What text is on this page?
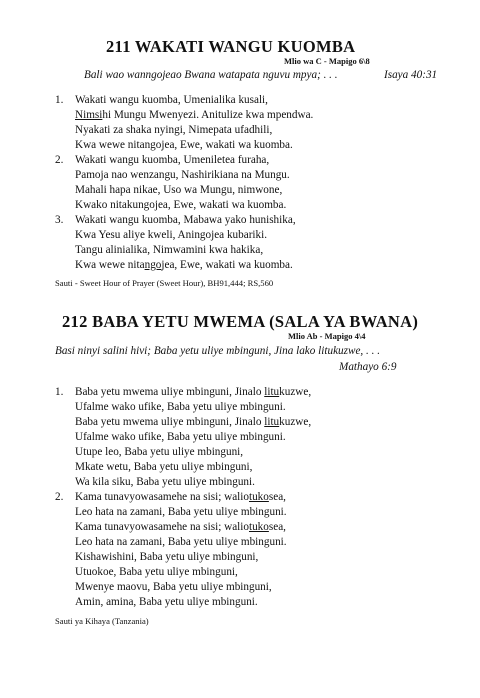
211 WAKATI WANGU KUOMBA
Mlio wa C - Mapigo 6\8
Bali wao wanngojeao Bwana watapata nguvu mpya; . . .	Isaya 40:31
1. Wakati wangu kuomba, Umenialika kusali,
Nimsihi Mungu Mwenyezi. Anitulize kwa mpendwa.
Nyakati za shaka nyingi, Nimepata ufadhili,
Kwa wewe nitangojea, Ewe, wakati wa kuomba.
2. Wakati wangu kuomba, Umeniletea furaha,
Pamoja nao wenzangu, Nashirikiana na Mungu.
Mahali hapa nikae, Uso wa Mungu, nimwone,
Kwako nitakungojea, Ewe, wakati wa kuomba.
3. Wakati wangu kuomba, Mabawa yako hunishika,
Kwa Yesu aliye kweli, Aningojea kubariki.
Tangu alinialika, Nimwamini kwa hakika,
Kwa wewe nitangojea, Ewe, wakati wa kuomba.
Sauti - Sweet Hour of Prayer (Sweet Hour), BH91,444; RS,560
212 BABA YETU MWEMA (SALA YA BWANA)
Mlio Ab - Mapigo 4\4
Basi ninyi salini hivi; Baba yetu uliye mbinguni, Jina lako litukuzwe, . . .
Mathayo 6:9
1. Baba yetu mwema uliye mbinguni, Jinalo litukuzwe,
Ufalme wako ufike, Baba yetu uliye mbinguni.
Baba yetu mwema uliye mbinguni, Jinalo litukuzwe,
Ufalme wako ufike, Baba yetu uliye mbinguni.
Utupe leo, Baba yetu uliye mbinguni,
Mkate wetu, Baba yetu uliye mbinguni,
Wa kila siku, Baba yetu uliye mbinguni.
2. Kama tunavyowasamehe na sisi; waliotukosea,
Leo hata na zamani, Baba yetu uliye mbinguni.
Kama tunavyowasamehe na sisi; waliotukosea,
Leo hata na zamani, Baba yetu uliye mbinguni.
Kishawishini, Baba yetu uliye mbinguni,
Utuokoe, Baba yetu uliye mbinguni,
Mwenye maovu, Baba yetu uliye mbinguni,
Amin, amina, Baba yetu uliye mbinguni.
Sauti ya Kihaya (Tanzania)
